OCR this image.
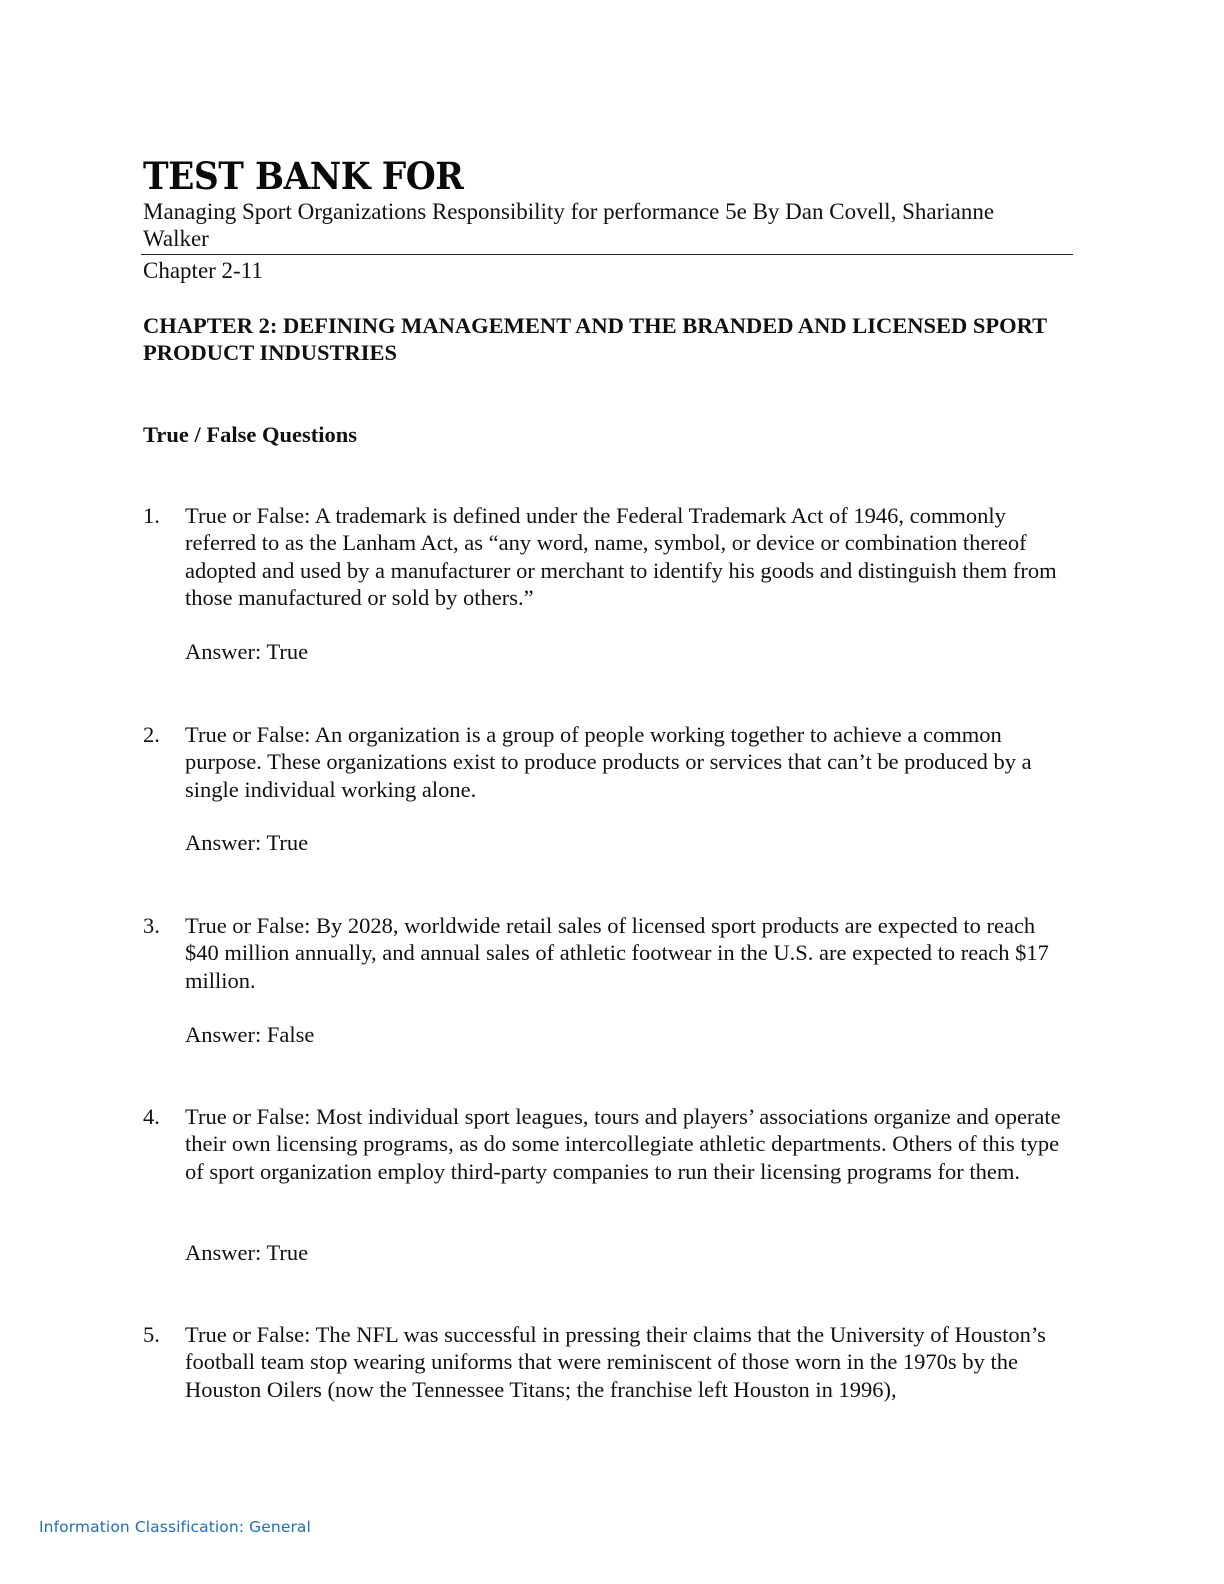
TEST BANK FOR

Managing Sport Organizations Responsibility for performance 5e By Dan Covell, Sharianne Walker

Chapter 2-11
CHAPTER 2: DEFINING MANAGEMENT AND THE BRANDED AND LICENSED SPORT PRODUCT INDUSTRIES
True / False Questions
1. True or False: A trademark is defined under the Federal Trademark Act of 1946, commonly referred to as the Lanham Act, as “any word, name, symbol, or device or combination thereof adopted and used by a manufacturer or merchant to identify his goods and distinguish them from those manufactured or sold by others.”

Answer: True
2. True or False: An organization is a group of people working together to achieve a common purpose. These organizations exist to produce products or services that can’t be produced by a single individual working alone.

Answer: True
3. True or False: By 2028, worldwide retail sales of licensed sport products are expected to reach $40 million annually, and annual sales of athletic footwear in the U.S. are expected to reach $17 million.

Answer: False
4. True or False: Most individual sport leagues, tours and players’ associations organize and operate their own licensing programs, as do some intercollegiate athletic departments. Others of this type of sport organization employ third-party companies to run their licensing programs for them.

Answer: True
5. True or False: The NFL was successful in pressing their claims that the University of Houston’s football team stop wearing uniforms that were reminiscent of those worn in the 1970s by the Houston Oilers (now the Tennessee Titans; the franchise left Houston in 1996),

Information Classification: General
